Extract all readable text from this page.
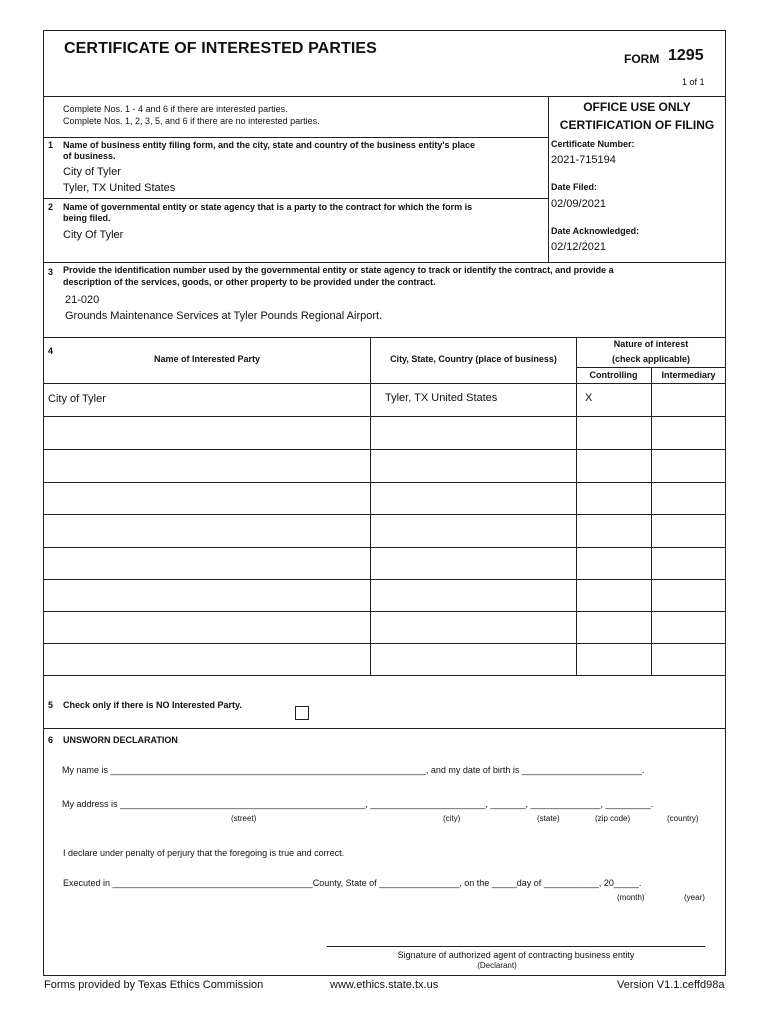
CERTIFICATE OF INTERESTED PARTIES
FORM 1295
1 of 1
Complete Nos. 1 - 4 and 6 if there are interested parties.
Complete Nos. 1, 2, 3, 5, and 6 if there are no interested parties.
OFFICE USE ONLY
CERTIFICATION OF FILING
Certificate Number:
2021-715194
Date Filed:
02/09/2021
Date Acknowledged:
02/12/2021
1 Name of business entity filing form, and the city, state and country of the business entity's place
of business.
City of Tyler
Tyler, TX United States
2 Name of governmental entity or state agency that is a party to the contract for which the form is
being filed.
City Of Tyler
3 Provide the identification number used by the governmental entity or state agency to track or identify the contract, and provide a
description of the services, goods, or other property to be provided under the contract.
21-020
Grounds Maintenance Services at Tyler Pounds Regional Airport.
4
Name of Interested Party	City, State, Country (place of business)
Nature of interest
(check applicable)
Controlling	Intermediary
City of Tyler	Tyler, TX United States	X
5 Check only if there is NO Interested Party.
6 UNSWORN DECLARATION
My name is _______________________________________________________________, and my date of birth is ________________________.
My address is _________________________________________________, _______________________, _______, ______________, _________.
(street)	(city)	(state)	(zip code)	(country)
I declare under penalty of perjury that the foregoing is true and correct.
Executed in ________________________________________County, State of ________________, on the _____day of ___________, 20_____.
(month)	(year)
Signature of authorized agent of contracting business entity
(Declarant)
Forms provided by Texas Ethics Commission	www.ethics.state.tx.us	Version V1.1.ceffd98a
